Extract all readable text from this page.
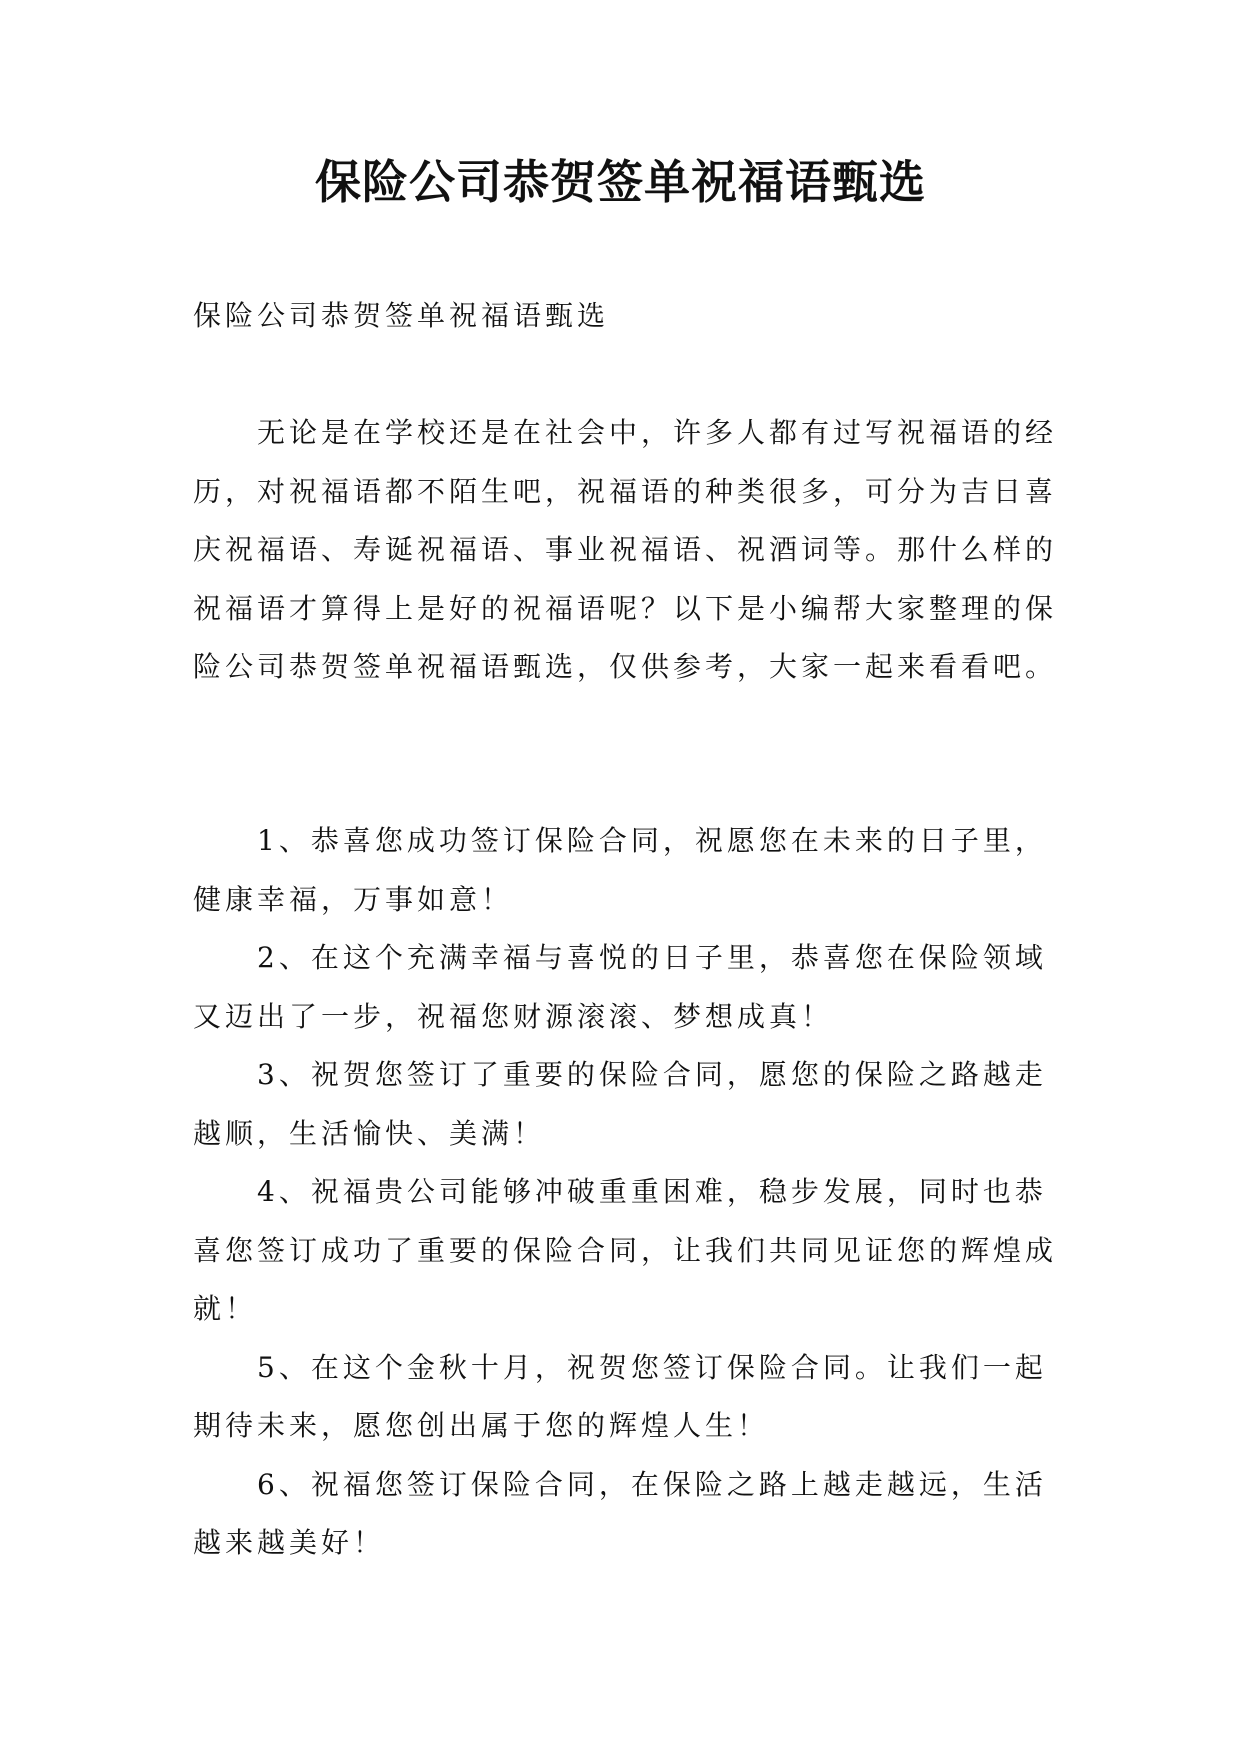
保险公司恭贺签单祝福语甄选

保险公司恭贺签单祝福语甄选

无论是在学校还是在社会中，许多人都有过写祝福语的经历，对祝福语都不陌生吧，祝福语的种类很多，可分为吉日喜庆祝福语、寿诞祝福语、事业祝福语、祝酒词等。那什么样的祝福语才算得上是好的祝福语呢？以下是小编帮大家整理的保险公司恭贺签单祝福语甄选，仅供参考，大家一起来看看吧。

1、恭喜您成功签订保险合同，祝愿您在未来的日子里，健康幸福，万事如意！

2、在这个充满幸福与喜悦的日子里，恭喜您在保险领域又迈出了一步，祝福您财源滚滚、梦想成真！

3、祝贺您签订了重要的保险合同，愿您的保险之路越走越顺，生活愉快、美满！

4、祝福贵公司能够冲破重重困难，稳步发展，同时也恭喜您签订成功了重要的保险合同，让我们共同见证您的辉煌成就！

5、在这个金秋十月，祝贺您签订保险合同。让我们一起期待未来，愿您创出属于您的辉煌人生！

6、祝福您签订保险合同，在保险之路上越走越远，生活越来越美好！
